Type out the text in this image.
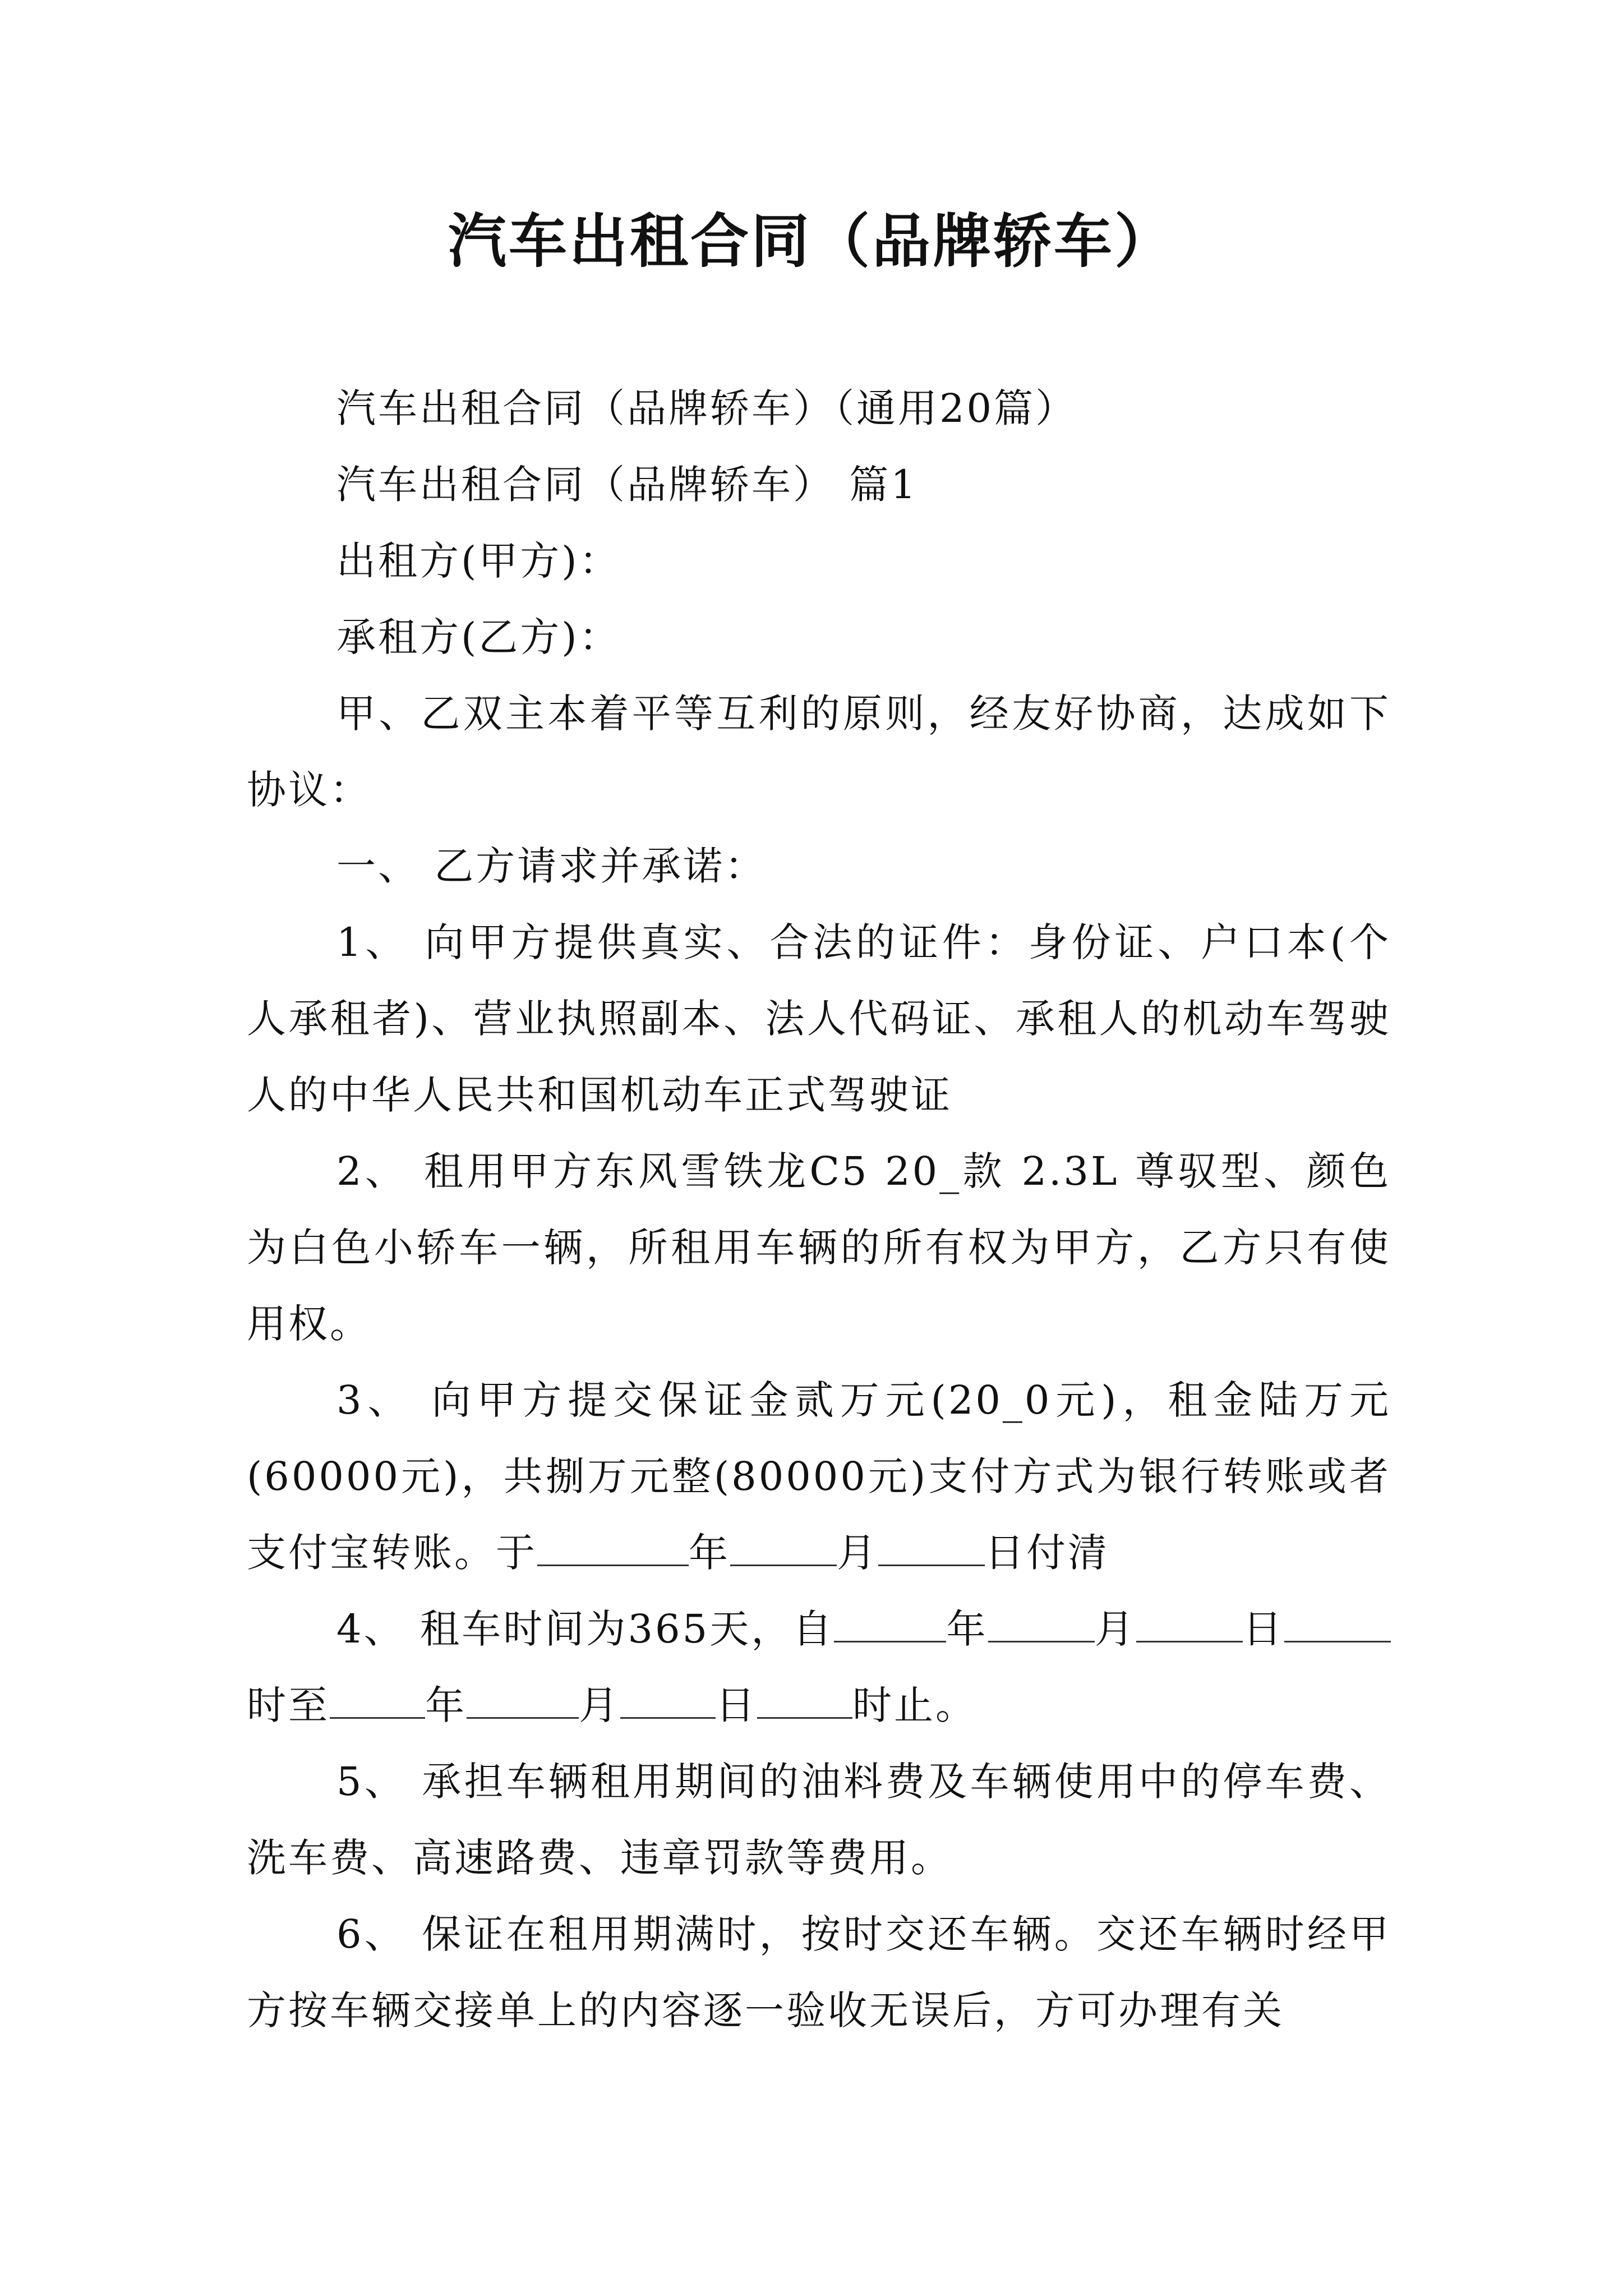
汽车出租合同（品牌轿车）

汽车出租合同（品牌轿车）（通用20篇）

汽车出租合同（品牌轿车） 篇1

出租方(甲方)：

承租方(乙方)：

甲、乙双主本着平等互利的原则，经友好协商，达成如下协议：

一、 乙方请求并承诺：

1、 向甲方提供真实、合法的证件：身份证、户口本(个人承租者)、营业执照副本、法人代码证、承租人的机动车驾驶人的中华人民共和国机动车正式驾驶证

2、 租用甲方东风雪铁龙C5 20_款 2.3L 尊驭型、颜色为白色小轿车一辆，所租用车辆的所有权为甲方，乙方只有使用权。

3、 向甲方提交保证金贰万元(20_0元)，租金陆万元(60000元)，共捌万元整(80000元)支付方式为银行转账或者支付宝转账。于	年	月	日付清

4、 租车时间为365天，自	年	月	日时至 年	月 日 时止。

5、 承担车辆租用期间的油料费及车辆使用中的停车费、洗车费、高速路费、违章罚款等费用。

6、 保证在租用期满时，按时交还车辆。交还车辆时经甲方按车辆交接单上的内容逐一验收无误后，方可办理有关
